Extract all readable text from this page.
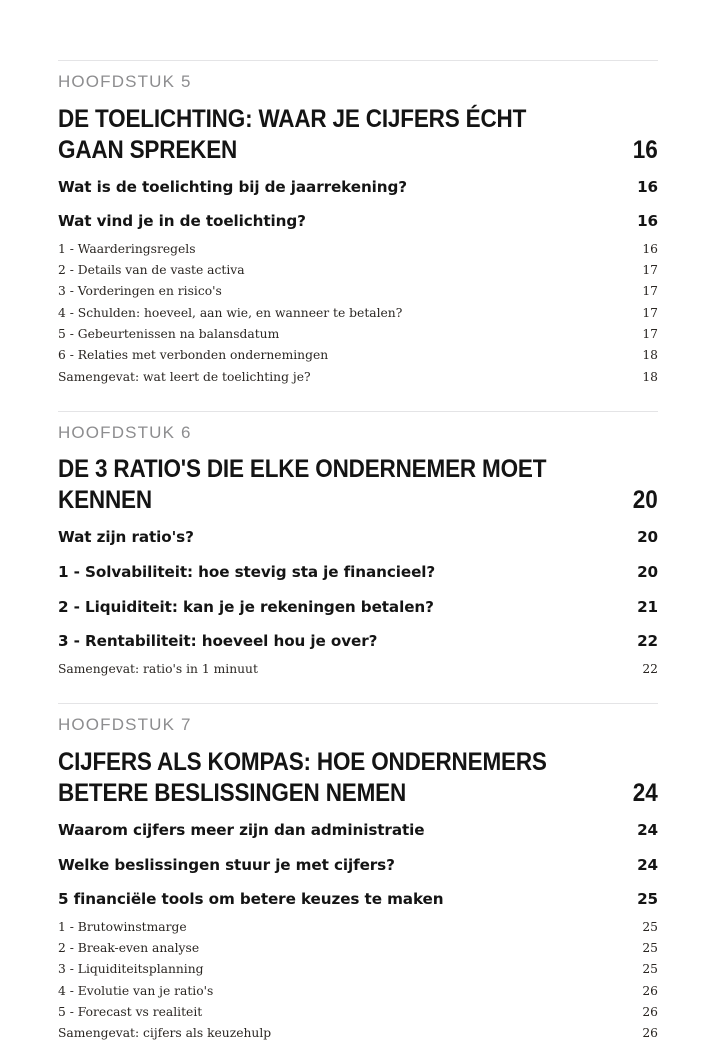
HOOFDSTUK 5
DE TOELICHTING: WAAR JE CIJFERS ÉCHT GAAN SPREKEN	16
Wat is de toelichting bij de jaarrekening?	16
Wat vind je in de toelichting?	16
1 - Waarderingsregels	16
2 - Details van de vaste activa	17
3 - Vorderingen en risico's	17
4 - Schulden: hoeveel, aan wie, en wanneer te betalen?	17
5 - Gebeurtenissen na balansdatum	17
6 - Relaties met verbonden ondernemingen	18
Samengevat: wat leert de toelichting je?	18
HOOFDSTUK 6
DE 3 RATIO'S DIE ELKE ONDERNEMER MOET KENNEN	20
Wat zijn ratio's?	20
1 - Solvabiliteit: hoe stevig sta je financieel?	20
2 - Liquiditeit: kan je je rekeningen betalen?	21
3 - Rentabiliteit: hoeveel hou je over?	22
Samengevat: ratio's in 1 minuut	22
HOOFDSTUK 7
CIJFERS ALS KOMPAS: HOE ONDERNEMERS BETERE BESLISSINGEN NEMEN	24
Waarom cijfers meer zijn dan administratie	24
Welke beslissingen stuur je met cijfers?	24
5 financiële tools om betere keuzes te maken	25
1 - Brutowinstmarge	25
2 - Break-even analyse	25
3 - Liquiditeitsplanning	25
4 - Evolutie van je ratio's	26
5 - Forecast vs realiteit	26
Samengevat: cijfers als keuzehulp	26
